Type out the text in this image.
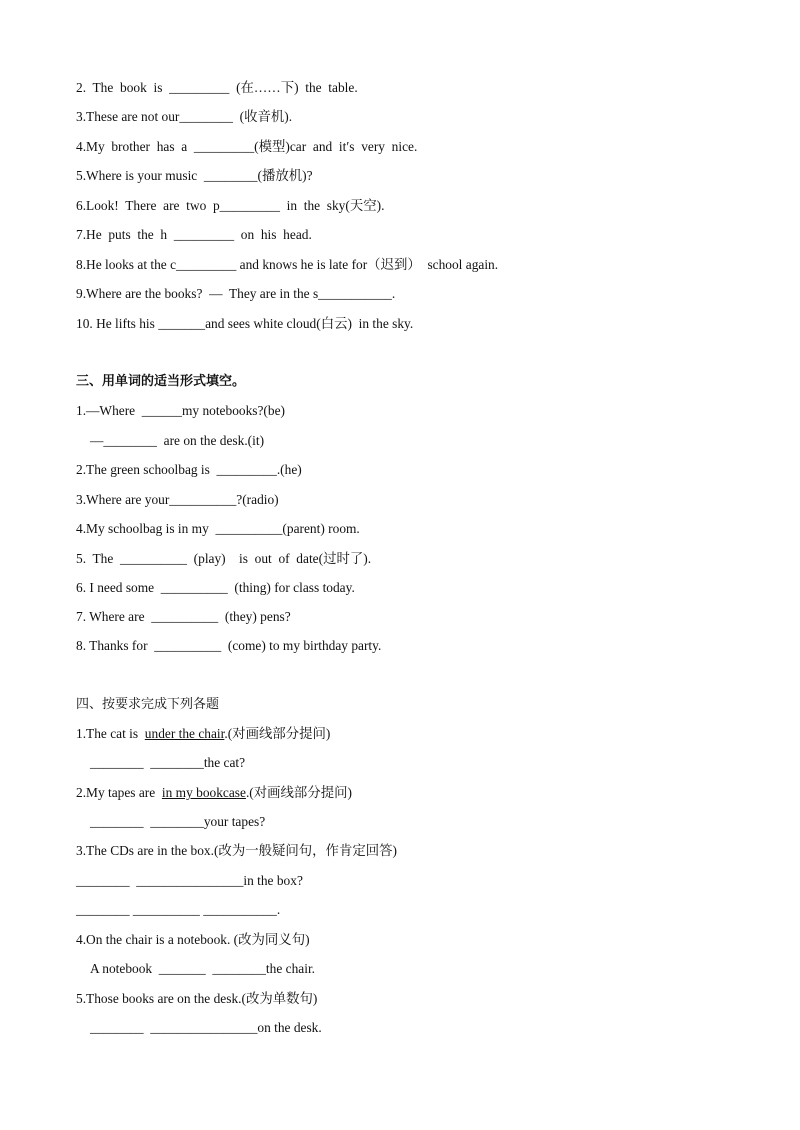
2.  The  book  is  _________  (在……下)  the  table.
3.These are not our________  (收音机).
4.My  brother  has  a  _________(模型)car  and  it′s  very  nice.
5.Where is your music  ________(播放机)?
6.Look!  There  are  two  p_________  in  the  sky(天空).
7.He  puts  the  h  _________  on  his  head.
8.He looks at the c_________ and knows he is late for（迟到）  school again.
9.Where are the books?  —  They are in the s___________.
10. He lifts his _______and sees white cloud(白云)  in the sky.
三、用单词的适当形式填空。
1.—Where  ______my notebooks?(be)
—________  are on the desk.(it)
2.The green schoolbag is  _________.(he)
3.Where are your__________?(radio)
4.My schoolbag is in my  __________(parent) room.
5.  The  __________  (play)    is  out  of  date(过时了).
6. I need some  __________  (thing) for class today.
7. Where are  __________  (they) pens?
8. Thanks for  __________  (come) to my birthday party.
四、按要求完成下列各题
1.The cat is  under the chair.(对画线部分提问)
________  ________the cat?
2.My tapes are  in my bookcase.(对画线部分提问)
________  ________your tapes?
3.The CDs are in the box.(改为一般疑问句，作肯定回答)
________  ________________in the box?
________ __________ ___________.
4.On the chair is a notebook. (改为同义句)
A notebook  _______  ________the chair.
5.Those books are on the desk.(改为单数句)
________  ________________on the desk.
